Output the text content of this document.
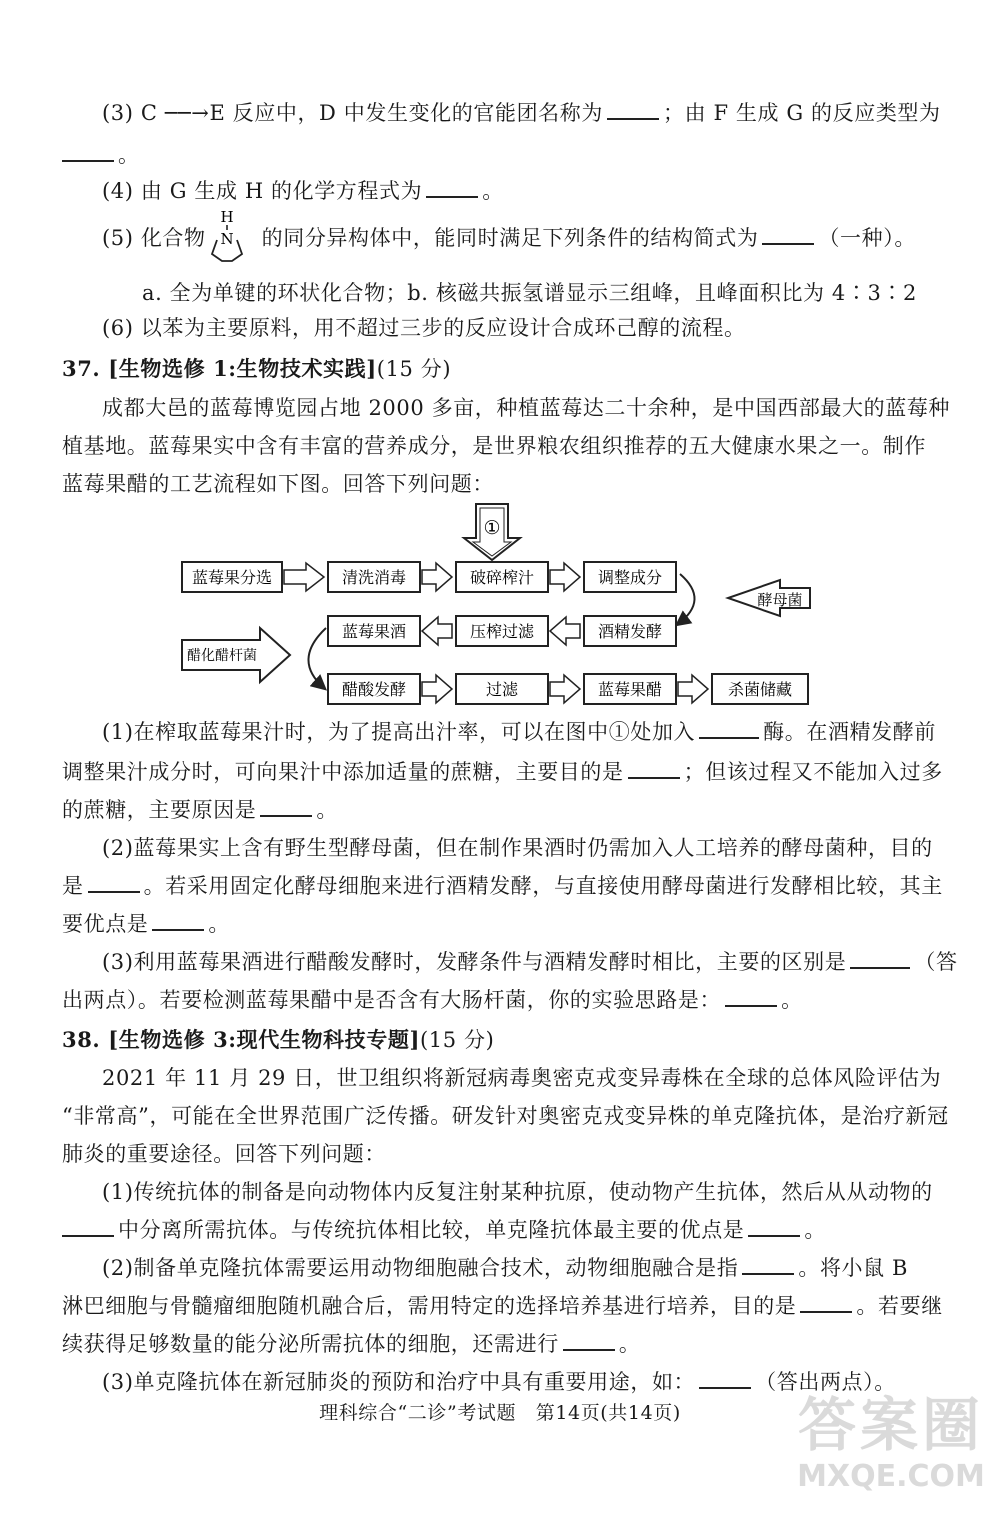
(3) C ──→E 反应中，D 中发生变化的官能团名称为	；由 F 生成 G 的反应类型为
。
(4) 由 G 生成 H 的化学方程式为	。
(5) 化合物	的同分异构体中，能同时满足下列条件的结构简式为	（一种）。
H
N
a. 全为单键的环状化合物；b. 核磁共振氢谱显示三组峰，且峰面积比为 4∶3∶2
(6) 以苯为主要原料，用不超过三步的反应设计合成环己醇的流程。
37. [生物选修 1:生物技术实践](15 分)
成都大邑的蓝莓博览园占地 2000 多亩，种植蓝莓达二十余种，是中国西部最大的蓝莓种
植基地。蓝莓果实中含有丰富的营养成分，是世界粮农组织推荐的五大健康水果之一。制作
蓝莓果醋的工艺流程如下图。回答下列问题：
①
蓝莓果分选	清洗消毒	破碎榨汁	调整成分
酵母菌
蓝莓果酒	压榨过滤	酒精发酵
醋化醋杆菌
醋酸发酵	过滤	蓝莓果醋	杀菌储藏
(1)在榨取蓝莓果汁时，为了提高出汁率，可以在图中①处加入	酶。在酒精发酵前
调整果汁成分时，可向果汁中添加适量的蔗糖，主要目的是	；但该过程又不能加入过多
的蔗糖，主要原因是	。
(2)蓝莓果实上含有野生型酵母菌，但在制作果酒时仍需加入人工培养的酵母菌种，目的
是	。若采用固定化酵母细胞来进行酒精发酵，与直接使用酵母菌进行发酵相比较，其主
要优点是	。
(3)利用蓝莓果酒进行醋酸发酵时，发酵条件与酒精发酵时相比，主要的区别是	（答
出两点）。若要检测蓝莓果醋中是否含有大肠杆菌，你的实验思路是：	。
38. [生物选修 3:现代生物科技专题](15 分)
2021 年 11 月 29 日，世卫组织将新冠病毒奥密克戎变异毒株在全球的总体风险评估为
“非常高”，可能在全世界范围广泛传播。研发针对奥密克戎变异株的单克隆抗体，是治疗新冠
肺炎的重要途径。回答下列问题：
(1)传统抗体的制备是向动物体内反复注射某种抗原，使动物产生抗体，然后从从动物的
中分离所需抗体。与传统抗体相比较，单克隆抗体最主要的优点是	。
(2)制备单克隆抗体需要运用动物细胞融合技术，动物细胞融合是指	。将小鼠 B
淋巴细胞与骨髓瘤细胞随机融合后，需用特定的选择培养基进行培养，目的是	。若要继
续获得足够数量的能分泌所需抗体的细胞，还需进行	。
(3)单克隆抗体在新冠肺炎的预防和治疗中具有重要用途，如：	（答出两点）。
理科综合“二诊”考试题　第14页(共14页)	答案圈
MXQE.COM
